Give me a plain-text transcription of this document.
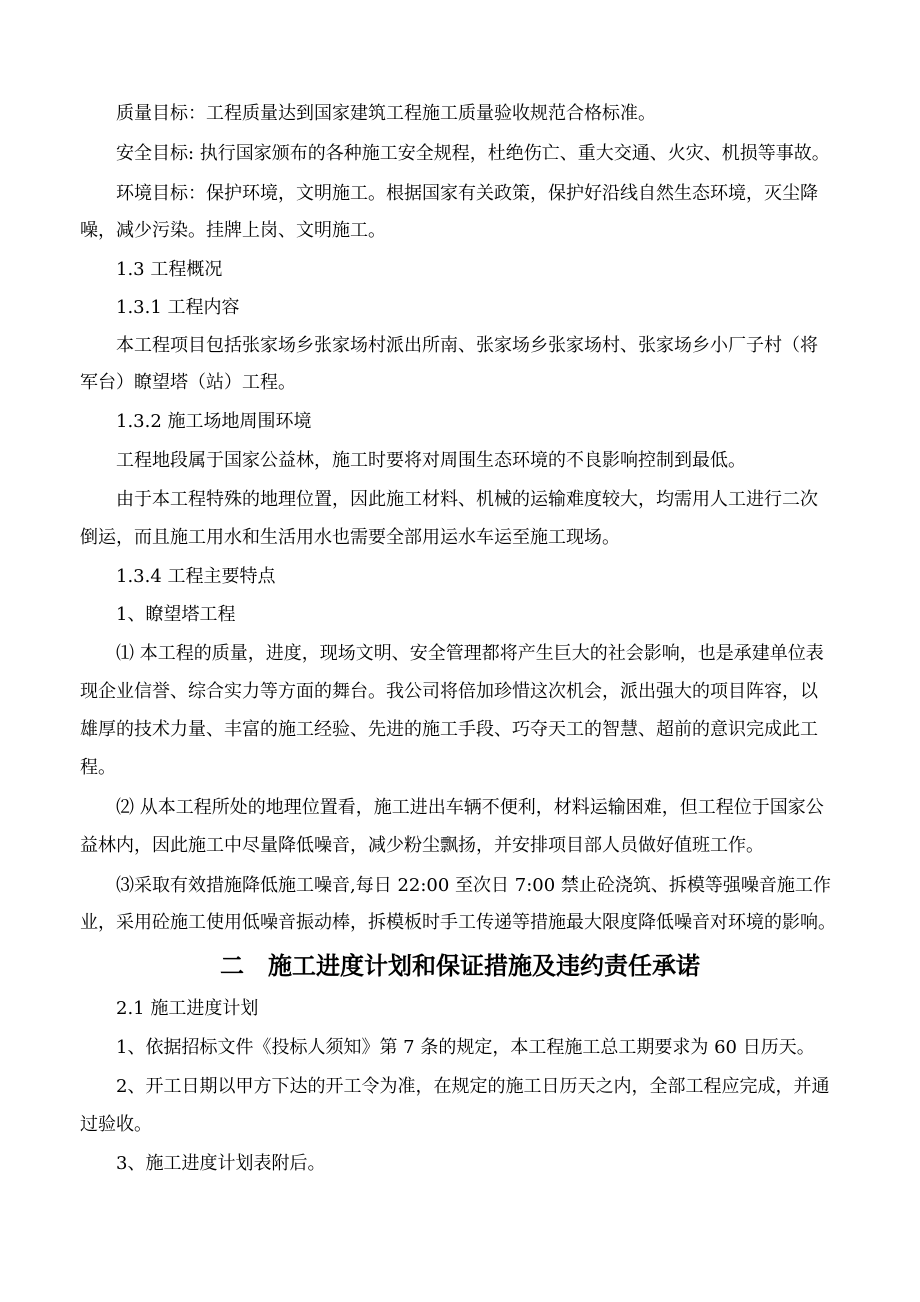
质量目标：工程质量达到国家建筑工程施工质量验收规范合格标准。
安全目标: 执行国家颁布的各种施工安全规程，杜绝伤亡、重大交通、火灾、机损等事故。
环境目标：保护环境，文明施工。根据国家有关政策，保护好沿线自然生态环境，灭尘降
噪，减少污染。挂牌上岗、文明施工。
1.3 工程概况
1.3.1 工程内容
本工程项目包括张家场乡张家场村派出所南、张家场乡张家场村、张家场乡小厂子村（将
军台）瞭望塔（站）工程。
1.3.2 施工场地周围环境
工程地段属于国家公益林，施工时要将对周围生态环境的不良影响控制到最低。
由于本工程特殊的地理位置，因此施工材料、机械的运输难度较大，均需用人工进行二次
倒运，而且施工用水和生活用水也需要全部用运水车运至施工现场。
1.3.4 工程主要特点
1、瞭望塔工程
⑴ 本工程的质量，进度，现场文明、安全管理都将产生巨大的社会影响，也是承建单位表
现企业信誉、综合实力等方面的舞台。我公司将倍加珍惜这次机会，派出强大的项目阵容，以
雄厚的技术力量、丰富的施工经验、先进的施工手段、巧夺天工的智慧、超前的意识完成此工
程。
⑵ 从本工程所处的地理位置看，施工进出车辆不便利，材料运输困难，但工程位于国家公
益林内，因此施工中尽量降低噪音，减少粉尘飘扬，并安排项目部人员做好值班工作。
⑶采取有效措施降低施工噪音,每日 22:00 至次日 7:00 禁止砼浇筑、拆模等强噪音施工作
业，采用砼施工使用低噪音振动棒，拆模板时手工传递等措施最大限度降低噪音对环境的影响。
二　施工进度计划和保证措施及违约责任承诺
2.1 施工进度计划
1、依据招标文件《投标人须知》第 7 条的规定，本工程施工总工期要求为 60 日历天。
2、开工日期以甲方下达的开工令为准，在规定的施工日历天之内，全部工程应完成，并通
过验收。
3、施工进度计划表附后。
